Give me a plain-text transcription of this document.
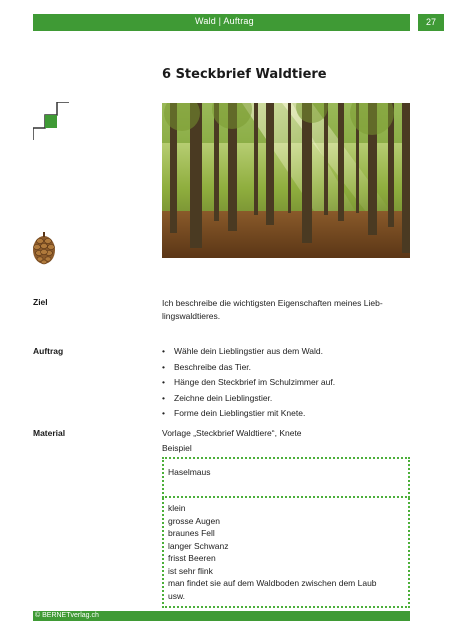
Wald | Auftrag	27
6 Steckbrief Waldtiere
Ziel	Ich beschreibe die wichtigsten Eigenschaften meines Lieb-
lingswaldtieres.
Auftrag
•	Wähle dein Lieblingstier aus dem Wald.
• Beschreibe das Tier.
• Hänge den Steckbrief im Schulzimmer auf.
• Zeichne dein Lieblingstier.
• Forme dein Lieblingstier mit Knete.
Material	Vorlage „Steckbrief Waldtiere“, Knete
Beispiel
Haselmaus
klein
grosse Augen
braunes Fell
langer Schwanz
frisst Beeren
ist sehr flink
man findet sie auf dem Waldboden zwischen dem Laub
usw.
© BERNETverlag.ch
